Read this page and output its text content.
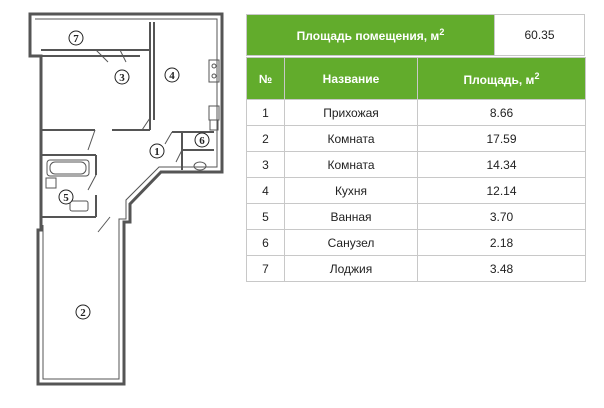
7
3	4
1
6
5
2
Площадь помещения, $м^2$	60.35
№	Название	Площадь, $м^2$
1	Прихожая	8.66
2	Комната	17.59
3	Комната	14.34
4	Кухня	12.14
5	Ванная	3.70
6	Санузел	2.18
7	Лоджия	3.48
